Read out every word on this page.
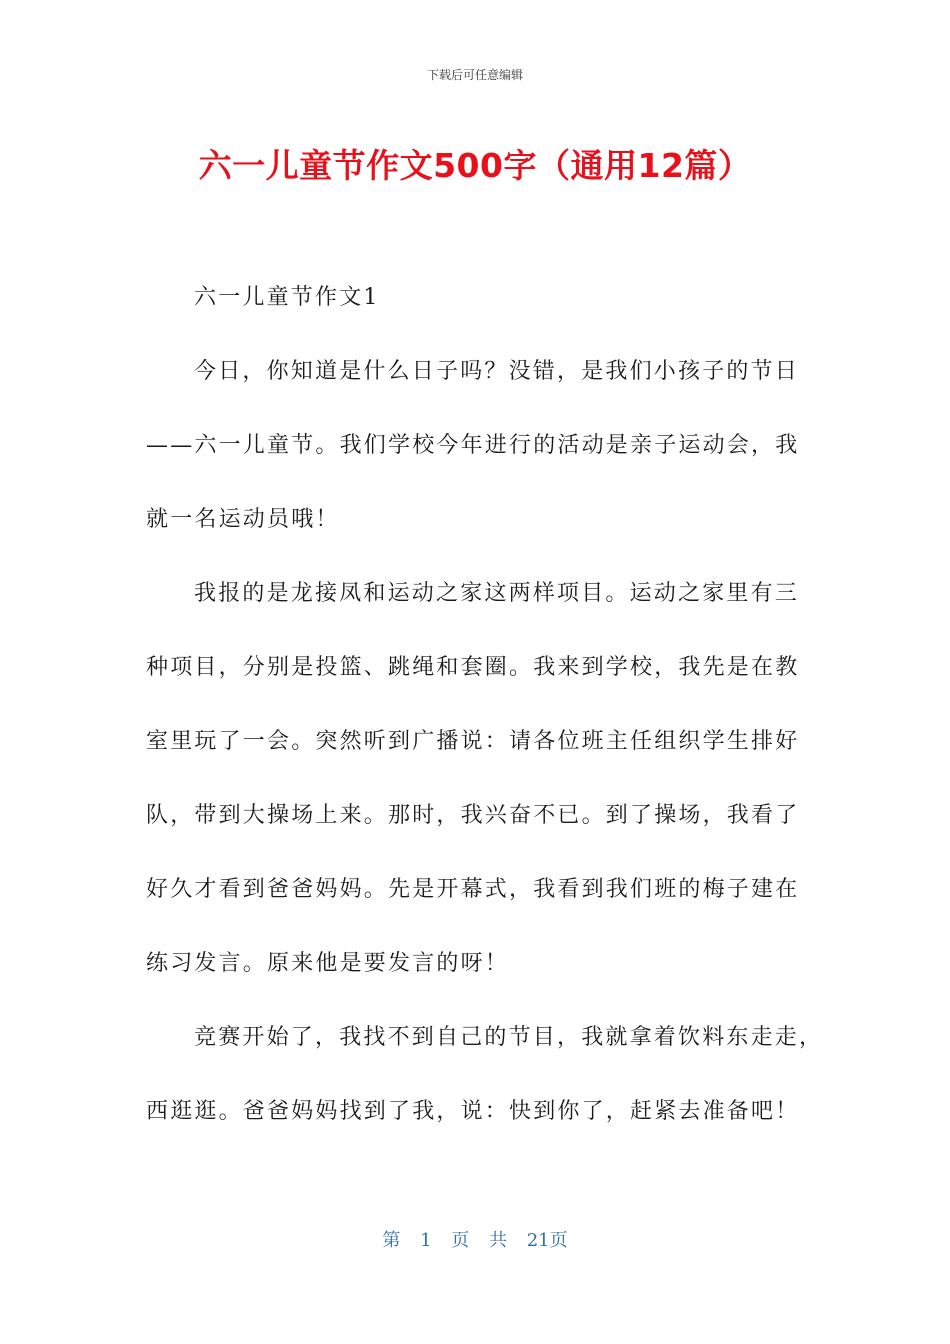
下载后可任意编辑
六一儿童节作文500字（通用12篇）
六一儿童节作文1
今日，你知道是什么日子吗？没错，是我们小孩子的节日
——六一儿童节。我们学校今年进行的活动是亲子运动会，我
就一名运动员哦！
我报的是龙接凤和运动之家这两样项目。运动之家里有三
种项目，分别是投篮、跳绳和套圈。我来到学校，我先是在教
室里玩了一会。突然听到广播说：请各位班主任组织学生排好
队，带到大操场上来。那时，我兴奋不已。到了操场，我看了
好久才看到爸爸妈妈。先是开幕式，我看到我们班的梅子建在
练习发言。原来他是要发言的呀！
竞赛开始了，我找不到自己的节目，我就拿着饮料东走走，
西逛逛。爸爸妈妈找到了我，说：快到你了，赶紧去准备吧！
第 1 页 共 21页
